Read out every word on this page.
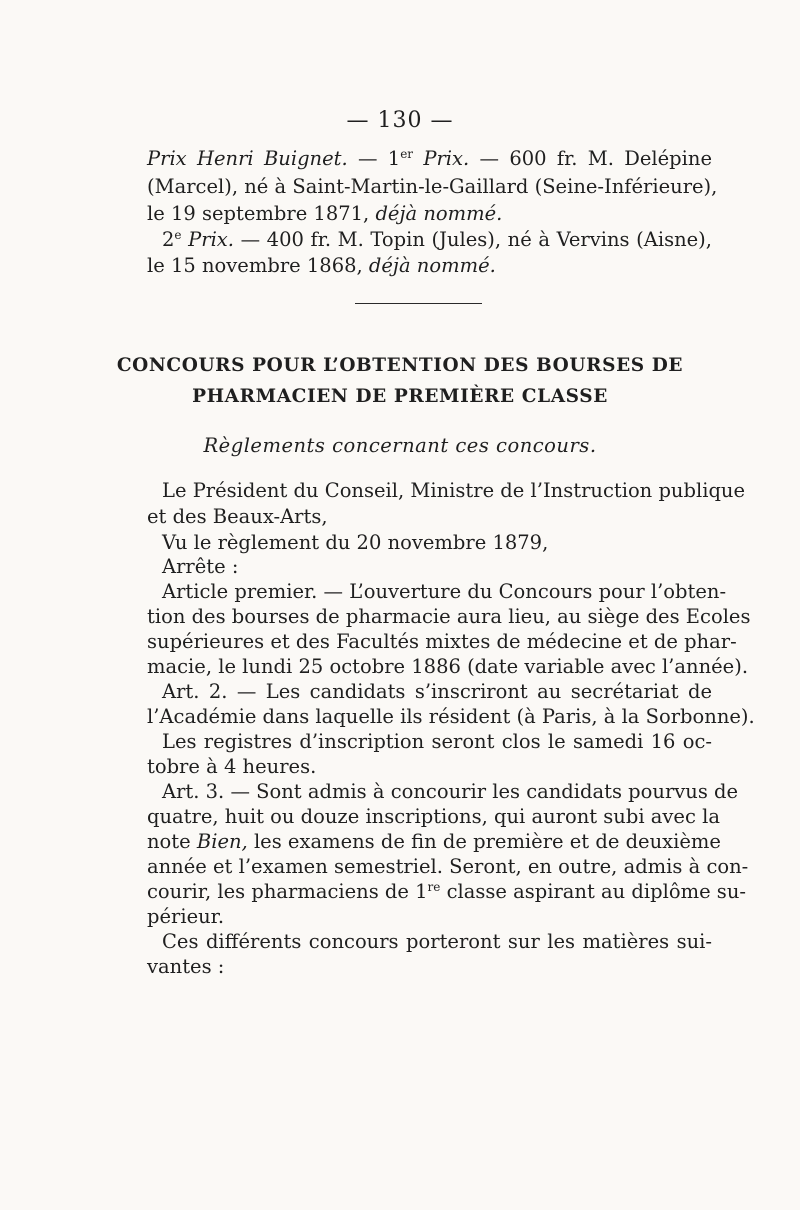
— 130 —
Prix Henri Buignet. — 1er Prix. — 600 fr. M. Delépine
(Marcel), né à Saint-Martin-le-Gaillard (Seine-Inférieure),
le 19 septembre 1871, déjà nommé.
2e Prix. — 400 fr. M. Topin (Jules), né à Vervins (Aisne),
le 15 novembre 1868, déjà nommé.
CONCOURS POUR L’OBTENTION DES BOURSES DE
PHARMACIEN DE PREMIÈRE CLASSE
Règlements concernant ces concours.
Le Président du Conseil, Ministre de l’Instruction publique
et des Beaux-Arts,
Vu le règlement du 20 novembre 1879,
Arrête :
Article premier. — L’ouverture du Concours pour l’obten-
tion des bourses de pharmacie aura lieu, au siège des Ecoles
supérieures et des Facultés mixtes de médecine et de phar-
macie, le lundi 25 octobre 1886 (date variable avec l’année).
Art. 2. — Les candidats s’inscriront au secrétariat de
l’Académie dans laquelle ils résident (à Paris, à la Sorbonne).
Les registres d’inscription seront clos le samedi 16 oc-
tobre à 4 heures.
Art. 3. — Sont admis à concourir les candidats pourvus de
quatre, huit ou douze inscriptions, qui auront subi avec la
note Bien, les examens de fin de première et de deuxième
année et l’examen semestriel. Seront, en outre, admis à con-
courir, les pharmaciens de 1re classe aspirant au diplôme su-
périeur.
Ces différents concours porteront sur les matières sui-
vantes :
